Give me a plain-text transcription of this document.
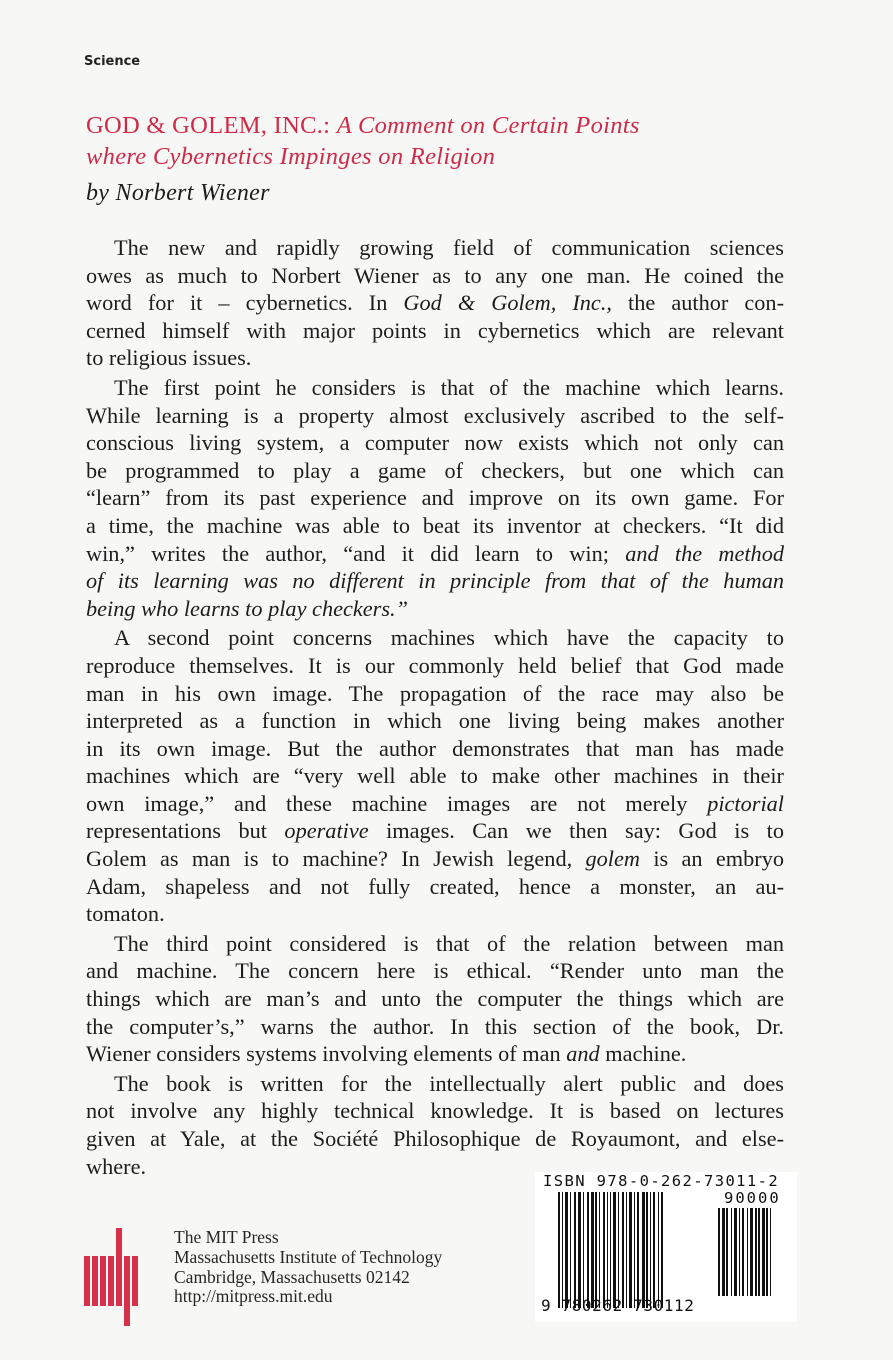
Science
GOD & GOLEM, INC.: A Comment on Certain Points
where Cybernetics Impinges on Religion
by Norbert Wiener
The new and rapidly growing field of communication sciences
owes as much to Norbert Wiener as to any one man. He coined the
word for it – cybernetics. In God & Golem, Inc., the author con-
cerned himself with major points in cybernetics which are relevant
to religious issues.
The first point he considers is that of the machine which learns.
While learning is a property almost exclusively ascribed to the self-
conscious living system, a computer now exists which not only can
be programmed to play a game of checkers, but one which can
“learn” from its past experience and improve on its own game. For
a time, the machine was able to beat its inventor at checkers. “It did
win,” writes the author, “and it did learn to win; and the method
of its learning was no different in principle from that of the human
being who learns to play checkers.”
A second point concerns machines which have the capacity to
reproduce themselves. It is our commonly held belief that God made
man in his own image. The propagation of the race may also be
interpreted as a function in which one living being makes another
in its own image. But the author demonstrates that man has made
machines which are “very well able to make other machines in their
own image,” and these machine images are not merely pictorial
representations but operative images. Can we then say: God is to
Golem as man is to machine? In Jewish legend, golem is an embryo
Adam, shapeless and not fully created, hence a monster, an au-
tomaton.
The third point considered is that of the relation between man
and machine. The concern here is ethical. “Render unto man the
things which are man’s and unto the computer the things which are
the computer’s,” warns the author. In this section of the book, Dr.
Wiener considers systems involving elements of man and machine.
The book is written for the intellectually alert public and does
not involve any highly technical knowledge. It is based on lectures
given at Yale, at the Société Philosophique de Royaumont, and else-
where.
The MIT Press
Massachusetts Institute of Technology
Cambridge, Massachusetts 02142
http://mitpress.mit.edu
ISBN 978-0-262-73011-2
90000
9 780262 730112
